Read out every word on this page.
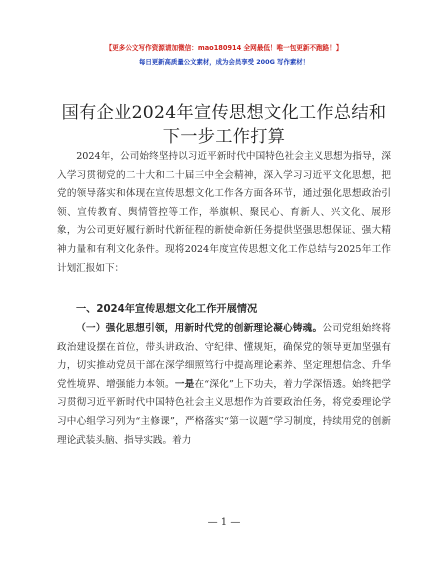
【更多公文写作资源请加微信：mao180914 全网最低！唯一包更新不跑路！】
每日更新高质量公文素材，成为会员享受 200G 写作素材！
国有企业2024年宣传思想文化工作总结和下一步工作打算

2024年，公司始终坚持以习近平新时代中国特色社会主义思想为指导，深入学习贯彻党的二十大和二十届三中全会精神，深入学习习近平文化思想，把党的领导落实和体现在宣传思想文化工作各方面各环节，通过强化思想政治引领、宣传教育、舆情管控等工作，举旗帜、聚民心、育新人、兴文化、展形象，为公司更好履行新时代新征程的新使命新任务提供坚强思想保证、强大精神力量和有利文化条件。现将2024年度宣传思想文化工作总结与2025年工作计划汇报如下：

一、2024年宣传思想文化工作开展情况

（一）强化思想引领，用新时代党的创新理论凝心铸魂。公司党组始终将政治建设摆在首位，带头讲政治、守纪律、懂规矩，确保党的领导更加坚强有力，切实推动党员干部在深学细照笃行中提高理论素养、坚定理想信念、升华党性境界、增强能力本领。一是在“深化”上下功夫，着力学深悟透。始终把学习贯彻习近平新时代中国特色社会主义思想作为首要政治任务，将党委理论学习中心组学习列为“主修课”，严格落实“第一议题”学习制度，持续用党的创新理论武装头脑、指导实践。着力

— 1 —
